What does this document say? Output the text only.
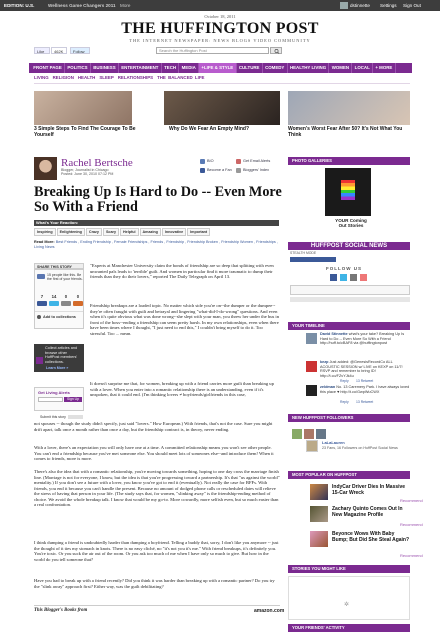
EDITION: U.S.	Wellness Game Changers 2011 More	dstinnette Settings Sign Out
October 18, 2011
THE HUFFINGTON POST
THE INTERNET NEWSPAPER: NEWS BLOGS VIDEO COMMUNITY
Like	462K	Follow	Search the Huffington Post
FRONT PAGE	POLITICS	BUSINESS	ENTERTAINMENT	TECH	MEDIA	+LIFE & STYLE	CULTURE	COMEDY	HEALTHY LIVING	WOMEN	LOCAL	+ MORE
LIVING RELIGION HEALTH SLEEP RELATIONSHIPS THE BALANCED LIFE
3 Simple Steps To Find The Courage To Be Yourself
Why Do We Fear An Empty Mind?	Women's Worst Fear After 50? It's Not What You Think
Rachel Bertsche
Blogger, Journalist in Chicago
Posted: June 30, 2010 07:12 PM
BIO
Become a Fan
Get Email Alerts
Bloggers' Index
Breaking Up Is Hard to Do -- Even More So With a Friend
What's Your Reaction:
Inspiring	Enlightening	Crazy	Scary	Helpful	Amazing	Innovative	Important
Read More: Best Friends , Ending Friendship , Female Friendships , Friends , Friendship , Friendship Broken , Friendship Women , Friendships , Living News
SHARE THIS STORY
15 people like this. Be the first of your friends.
7	14	0	0
Add to collections
Collect articles and browse other HuffPost members' collections.
Learn More »
Get Living Alerts
Sign Up
Submit this story

"Experts at Manchester University claim the bonds of friendship are so deep that splitting with even unwanted pals leads to 'terrible' guilt. And women in particular find it more traumatic to dump their friends than they do their lovers," reported The Daily Telegraph on April 13.

Friendship breakups are a loaded topic. No matter which side you're on--the dumper or the dumpee--they're often fraught with guilt and betrayal and lingering "what-did-I-do-wrong" questions. And even when it's quite obvious what was done wrong--she slept with your man, you threw her under the bus in front of the boss--ending a friendship can seem pretty harsh. In my own relationships, even when there have been times where I thought, "I just need to end this," I couldn't bring myself to do it. Too stressful. Too ... mean.

It doesn't surprise me that, for women, breaking up with a friend carries more guilt than breaking up with a lover. When you enter into a romantic relationship there is an understanding, even if it's unspoken, that it could end. (I'm thinking lovers ≠ boyfriends/girlfriends in this case,

not spouses -- though the study didn't specify, just said "lovers." How European.) With friends, that's not the case. Sure you might drift apart, talk once a month rather than once a day, but the friendship contract is, in theory, never ending.

With a lover, there's an expectation you will only have one at a time. A committed relationship means you won't see other people. You can't end a friendship because you've met someone else. You should meet lots of someones else--and introduce them! When it comes to friends, more is more.

There's also the idea that with a romantic relationship, you're moving towards something, hoping to one day cross the marriage finish line. (Marriage is not for everyone, I know, but the idea is that you're progressing toward a partnership. It's that "us against the world" mentality.) If you don't see a future with a lover, you know you've got to end it (eventually). Not really the case for BFFs. With friends, you end it because you can't handle the present. Because no amount of dodged phone calls or rescheduled dates will relieve the stress of having that person in your life. (The study says that, for women, "slinking away" is the friendship-ending method of choice. We avoid the whole breakup talk. I know that would be my go-to. More cowardly, more selfish even, but so much easier than a real confrontation.

I think dumping a friend is undoubtedly harder than dumping a boyfriend. Telling a buddy that, sorry, I don't like you anymore -- just the thought of it ties my stomach in knots. There is no easy cliché, no "it's not you it's me." With friend breakups, it's definitely you. You're toxic. Or you suck the air out of the room. Or you ask too much of me when I have only so much to give. But how in the world do you tell someone that?

Have you had to break up with a friend recently? Did you think it was harder than breaking up with a romantic partner? Do you try the "slink away" approach first? Either way, was the guilt debilitating?

This Blogger's Books from	amazon.com
PHOTO GALLERIES
YOUR Coming Out Stories
HUFFPOST SOCIAL NEWS
STEALTH MODE
FOLLOW US
YOUR TIMELINE
David Stinnette what's your take? Breaking Up Is Hard to Do -- Even More So With a Friend http://huff.to/cBAF8 via @huffingtonpost
kezp Just added: @GenesisRecordCo ALL ACOUSTIC SESSION w/ LIVE on KEXP on 11/7! RSVP and remember to bring ID! http://t.co/FZvYJk4u
Reply 13 Retweet
zeldman No. 13 Caremery Park. I have always loved this place ♥ http://t.co/GwpWuCWX
Reply 13 Retweet
NEW HUFFPOST FOLLOWERS
LaLaLauren
23 Fans, 16 Followers on HuffPost Social News
MOST POPULAR ON HUFFPOST
IndyCar Driver Dies In Massive 15-Car Wreck
Recommend
Zachary Quinto Comes Out In New Magazine Profile
Recommend
Beyonce Wows With Baby Bump; But Did She Steal Again?
Recommend
STORIES YOU MIGHT LIKE
✲
YOUR FRIENDS' ACTIVITY
